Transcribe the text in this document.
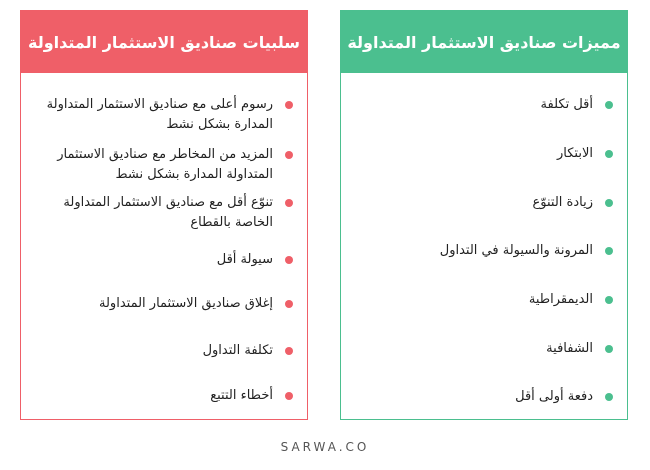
سلبيات صناديق الاستثمار المتداولة
رسوم أعلى مع صناديق الاستثمار المتداولة المدارة بشكل نشط
المزيد من المخاطر مع صناديق الاستثمار المتداولة المدارة بشكل نشط
تنوّع أقل مع صناديق الاستثمار المتداولة الخاصة بالقطاع
سيولة أقل
إغلاق صناديق الاستثمار المتداولة
تكلفة التداول
أخطاء التتبع
مميزات صناديق الاستثمار المتداولة
أقل تكلفة
الابتكار
زيادة التنوّع
المرونة والسيولة في التداول
الديمقراطية
الشفافية
دفعة أولى أقل
SARWA.CO
